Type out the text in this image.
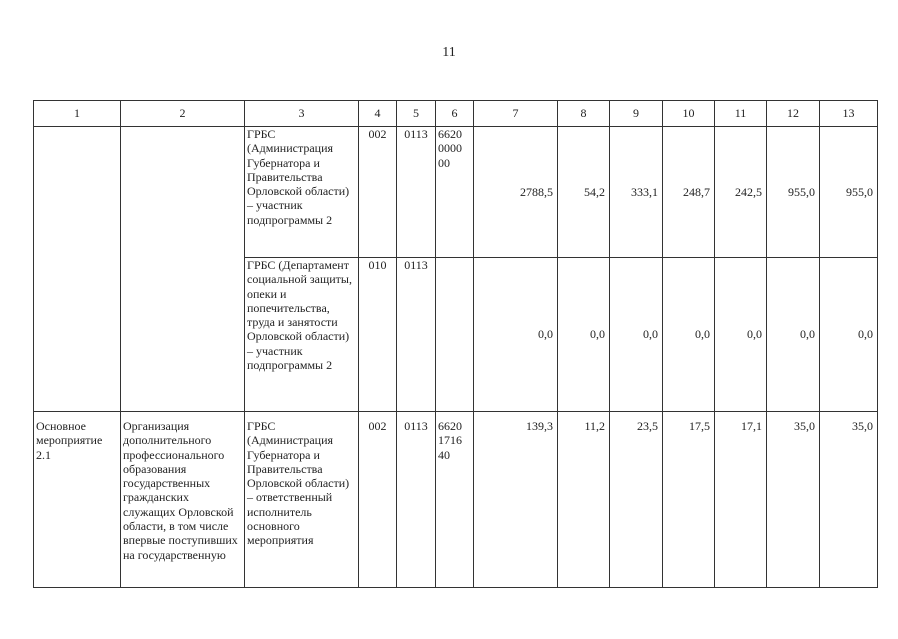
11
1	2	3	4	5	6	7	8	9	10	11	12	13
		ГРБС (Администрация Губернатора и Правительства Орловской области) – участник подпрограммы 2	002	0113	6620 0000 00	2788,5	54,2	333,1	248,7	242,5	955,0	955,0
		ГРБС (Департамент социальной защиты, опеки и попечительства, труда и занятости Орловской области) – участник подпрограммы 2	010	0113		0,0	0,0	0,0	0,0	0,0	0,0	0,0
Основное мероприятие 2.1	Организация дополнительного профессионального образования государственных гражданских служащих Орловской области, в том числе впервые поступивших на государственную	ГРБС (Администрация Губернатора и Правительства Орловской области) – ответственный исполнитель основного мероприятия	002	0113	6620 1716 40	139,3	11,2	23,5	17,5	17,1	35,0	35,0
